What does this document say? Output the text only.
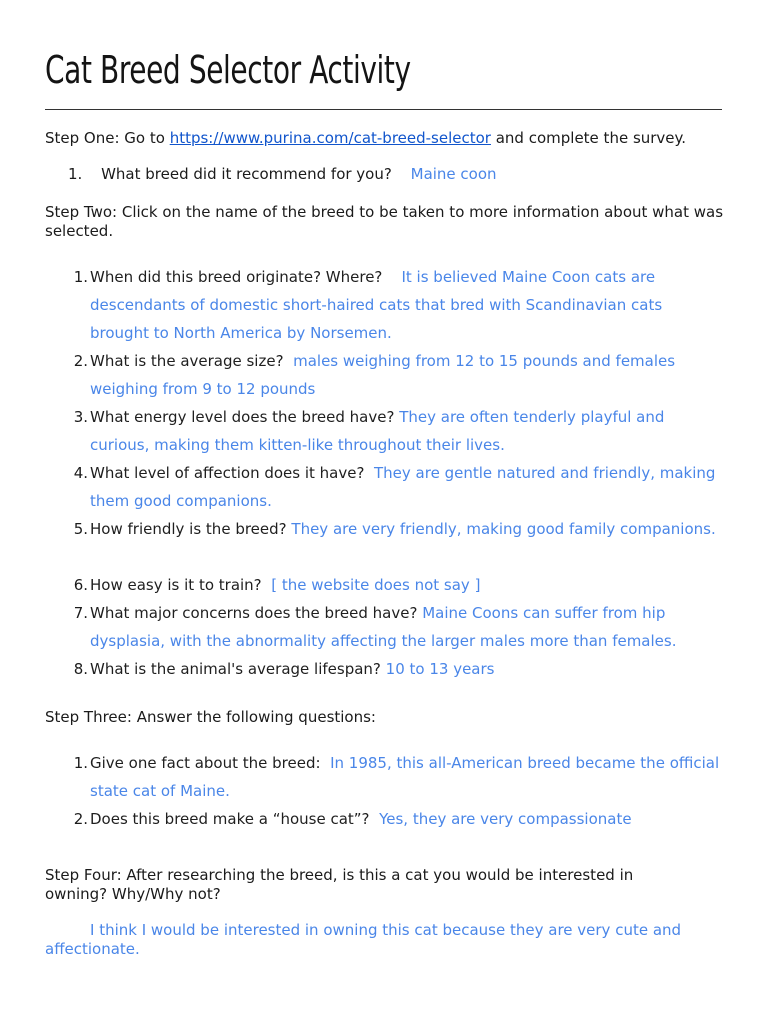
Cat Breed Selector Activity
Step One: Go to https://www.purina.com/cat-breed-selector and complete the survey.
1. What breed did it recommend for you? Maine coon
Step Two: Click on the name of the breed to be taken to more information about what was selected.
1. When did this breed originate? Where? It is believed Maine Coon cats are descendants of domestic short-haired cats that bred with Scandinavian cats brought to North America by Norsemen.
2. What is the average size? males weighing from 12 to 15 pounds and females weighing from 9 to 12 pounds
3. What energy level does the breed have? They are often tenderly playful and curious, making them kitten-like throughout their lives.
4. What level of affection does it have? They are gentle natured and friendly, making them good companions.
5. How friendly is the breed? They are very friendly, making good family companions.
6. How easy is it to train? [ the website does not say ]
7. What major concerns does the breed have? Maine Coons can suffer from hip dysplasia, with the abnormality affecting the larger males more than females.
8. What is the animal's average lifespan? 10 to 13 years
Step Three: Answer the following questions:
1. Give one fact about the breed: In 1985, this all-American breed became the official state cat of Maine.
2. Does this breed make a “house cat”? Yes, they are very compassionate
Step Four: After researching the breed, is this a cat you would be interested in owning? Why/Why not?
I think I would be interested in owning this cat because they are very cute and affectionate.
